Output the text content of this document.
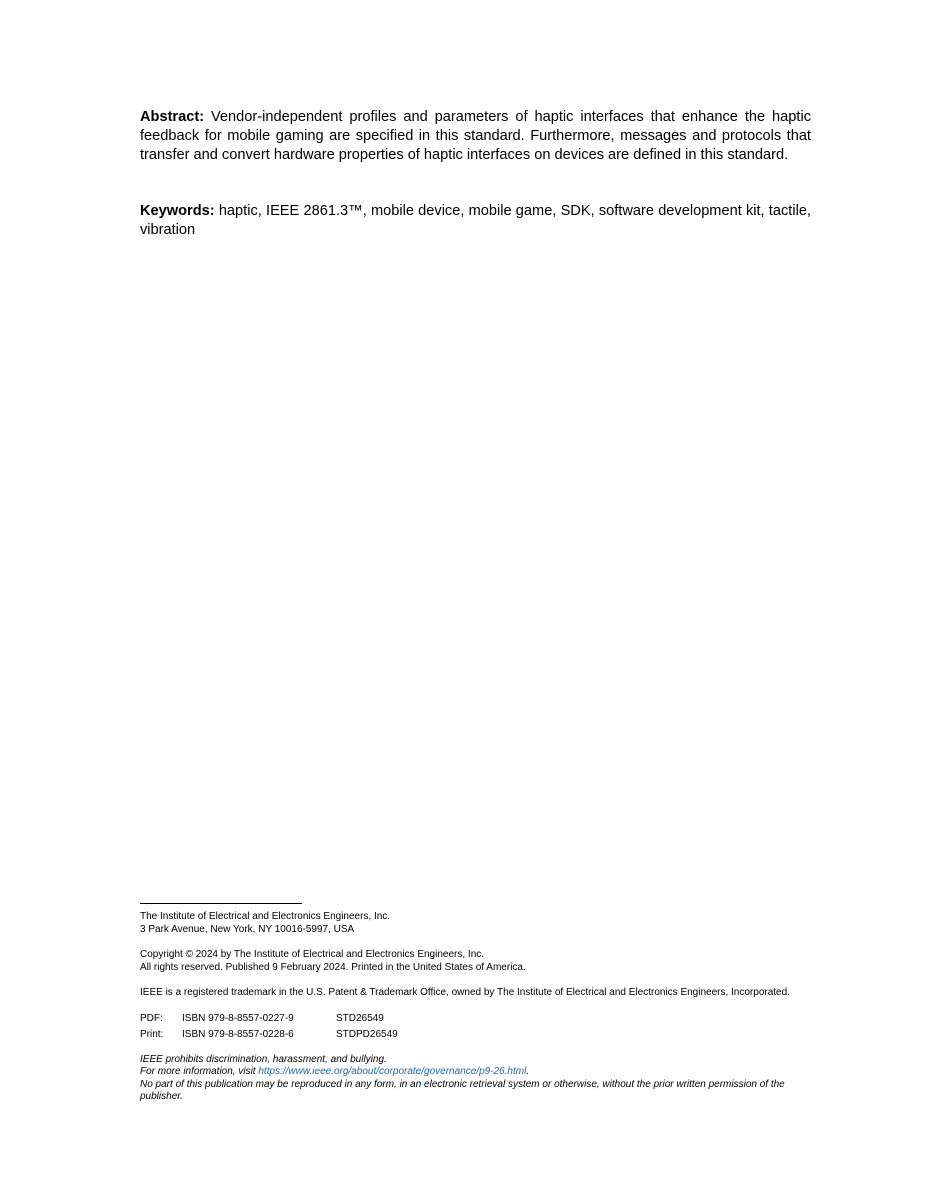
Abstract: Vendor-independent profiles and parameters of haptic interfaces that enhance the haptic feedback for mobile gaming are specified in this standard. Furthermore, messages and protocols that transfer and convert hardware properties of haptic interfaces on devices are defined in this standard.

Keywords: haptic, IEEE 2861.3™, mobile device, mobile game, SDK, software development kit, tactile, vibration

The Institute of Electrical and Electronics Engineers, Inc.
3 Park Avenue, New York, NY 10016-5997, USA
Copyright © 2024 by The Institute of Electrical and Electronics Engineers, Inc.
All rights reserved. Published 9 February 2024. Printed in the United States of America.
IEEE is a registered trademark in the U.S. Patent & Trademark Office, owned by The Institute of Electrical and Electronics Engineers, Incorporated.
PDF:	ISBN 979-8-8557-0227-9	STD26549
Print:	ISBN 979-8-8557-0228-6	STDPD26549
IEEE prohibits discrimination, harassment, and bullying.
For more information, visit https://www.ieee.org/about/corporate/governance/p9-26.html.
No part of this publication may be reproduced in any form, in an electronic retrieval system or otherwise, without the prior written permission of the publisher.
